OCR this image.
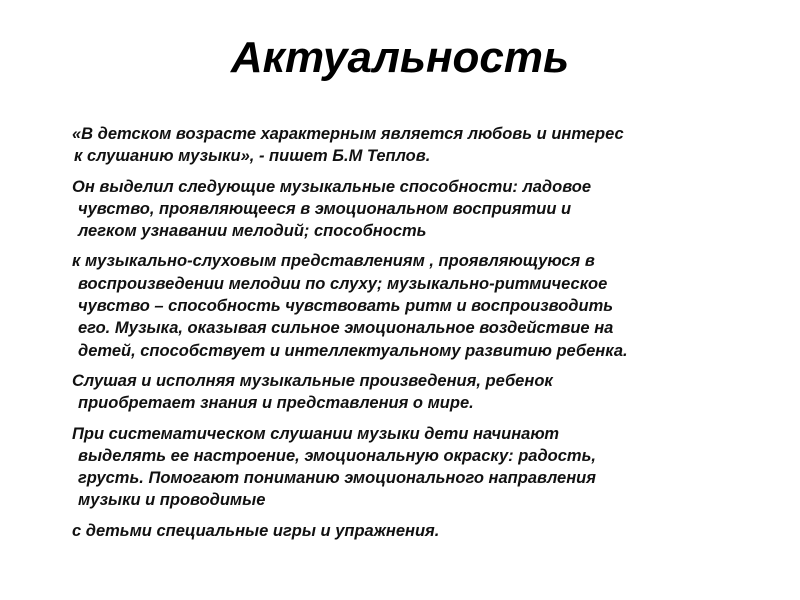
Актуальность

«В детском возрасте характерным является любовь и интерес
к слушанию музыки», - пишет Б.М Теплов.

Он выделил следующие музыкальные способности: ладовое
чувство, проявляющееся в эмоциональном восприятии и
легком узнавании мелодий; способность

к музыкально-слуховым представлениям , проявляющуюся в
воспроизведении мелодии по слуху; музыкально-ритмическое
чувство – способность чувствовать ритм и воспроизводить
его. Музыка, оказывая сильное эмоциональное воздействие на
детей, способствует и интеллектуальному развитию ребенка.

Слушая и исполняя музыкальные произведения, ребенок
приобретает знания и представления о мире.

При систематическом слушании музыки дети начинают
выделять ее настроение, эмоциональную окраску: радость,
грусть. Помогают пониманию эмоционального направления
музыки и проводимые

с детьми специальные игры и упражнения.
